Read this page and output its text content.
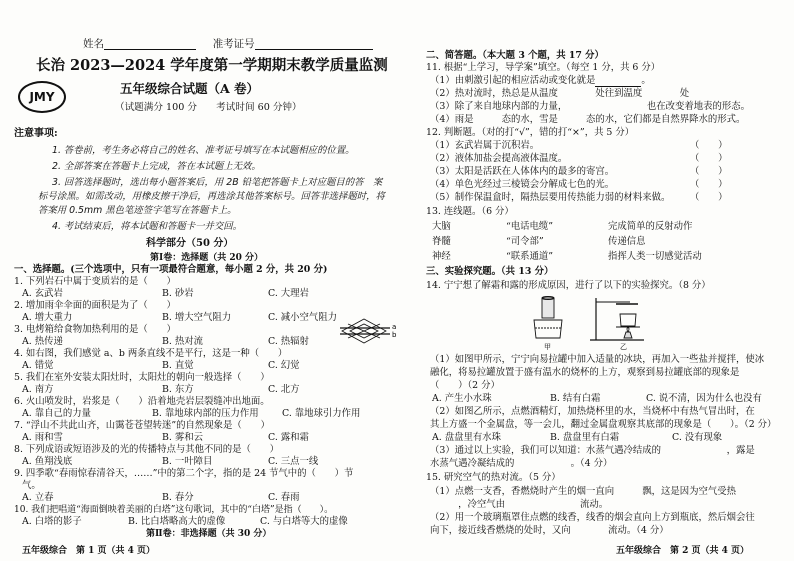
姓名	准考证号
长治 2023—2024 学年度第一学期期末教学质量监测
JMY
五年级综合试题（A 卷）
（试题满分 100 分　　考试时间 60 分钟）
注意事项:
1. 答卷前，考生务必将自己的姓名、准考证号填写在本试题相应的位置。
2. 全部答案在答题卡上完成，答在本试题上无效。
3. 回答选择题时，选出每小题答案后，用 2B 铅笔把答题卡上对应题目的答　案
标号涂黑。如需改动，用橡皮擦干净后，再选涂其他答案标号。回答非选择题时，将
答案用 0.5mm 黑色笔迹签字笔写在答题卡上。
4. 考试结束后，将本试题和答题卡一并交回。
科学部分（50 分）
第Ⅰ卷：选择题（共 20 分）
一、选择题。(三个选项中，只有一项最符合题意，每小题 2 分，共 20 分)
1. 下列岩石中属于变质岩的是（　　）
A. 玄武岩	B. 砂岩	C. 大理岩
2. 增加雨伞伞面的面积是为了（　　）
A. 增大重力	B. 增大空气阻力	C. 减小空气阻力
3. 电烤箱给食物加热利用的是（　　）
A. 热传递	B. 热对流	C. 热辐射
4. 如右图，我们感觉 a、b 两条直线不是平行，这是一种（　　）
A. 错觉	B. 直觉	C. 幻觉
a
b
5. 我们在室外安装太阳灶时，太阳灶的朝向一般选择（　　）
A. 南方	B. 东方	C. 北方
6. 火山喷发时，岩浆是（　　）沿着地壳岩层裂缝冲出地面。
A. 靠自己的力量	B. 靠地球内部的压力作用 C. 靠地球引力作用
7. “浮山不共此山齐，山霭苍苍望转迷”的自然现象是（　　）
A. 雨和雪	B. 雾和云	C. 露和霜
8. 下列成语或短语涉及的光的传播特点与其他不同的是（　　）
A. 鱼翔浅底	B. 一叶障目	C. 三点一线
9. 四季歌“春雨惊春清谷天，……”中的第二个字，指的是 24 节气中的（　　）节
气。
A. 立春	B. 春分	C. 春雨
10. 我们把唱道“海面倒映着美丽的白塔”这句歌词，其中的“白塔”是指（　　）。
A. 白塔的影子	B. 比白塔略高大的虚像	C. 与白塔等大的虚像
第Ⅱ卷：非选择题（共 30 分）
五年级综合　第 1 页（共 4 页）
二、简答题。（本大题 3 个题，共 17 分）
11. 根据“上学习，导学案”填空。（每空 1 分，共 6 分）
（1）由刺激引起的相应活动或变化就是	。
（2）热对流时，热总是从温度　　　　处往到温度　　　　处
（3）除了来自地球内部的力量，　　　　　　　　　也在改变着地表的形态。
（4）雨是　　　态的水，雪是　　　态的水，它们都是自然界降水的形式。
12. 判断题。（对的打“√”，错的打“×”，共 5 分）
（1）玄武岩属于沉积岩。	（　　）
（2）液体加盐会提高液体温度。	（　　）
（3）太阳是活跃在人体体内的最多的寄宫。	（　　）
（4）单色光经过三棱镜会分解成七色的光。	（　　）
（5）制作保温盒时，隔热层要用传热能力弱的材料来做。 （　　）
13. 连线题。（6 分）
大脑
脊髓
神经
“电话电缆”
“司令部”
“联系通道”
完成简单的反射动作
传递信息
指挥人类一切感觉活动
三、实验探究题。（共 13 分）
14. 宁宁想了解霜和露的形成原因，进行了以下的实验探究。（8 分）
甲	乙
（1）如图甲所示，宁宁向易拉罐中加入适量的冰块，再加入一些盐并搅拌，使冰
融化，将易拉罐放置于盛有温水的烧杯的上方，观察到易拉罐底部的现象是
（　　）（2 分）
A. 产生小水珠	B. 结有白霜	C. 说不清，因为什么也没有
（2）如图乙所示，点燃酒精灯，加热烧杯里的水，当烧杯中有热气冒出时，在
其上方盛一个金属盘，等一会儿，翻过金属盘观察其底部的现象是（　　）。（2 分）
A. 盘盘里有水珠	B. 盘盘里有白霜	C. 没有现象
（3）通过以上实验，我们可以知道：水蒸气遇冷结成的　　　　　　　，露是
水蒸气遇冷凝结成的　　　　　　。（4 分）
15. 研究空气的热对流。（5 分）
（1）点燃一支香，香燃烧时产生的烟一直向　　　飘，这是因为空气受热
　　　，冷空气由　　　　　　　　流动。
（2）用一个玻璃瓶罩住点燃的线香，线香的烟会直向上方到瓶底，然后烟会往
向下，接近线香燃烧的处时，又向　　　　流动。（4 分）
五年级综合　第 2 页（共 4 页）
